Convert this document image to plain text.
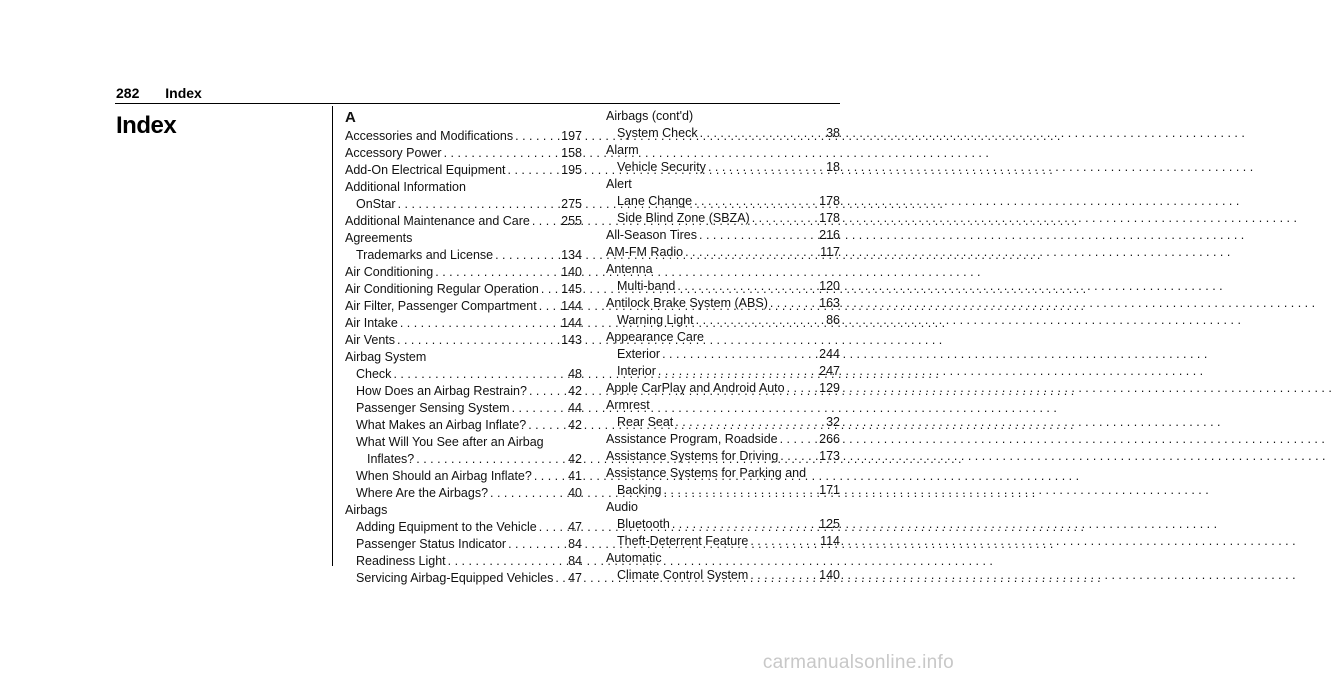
282 Index
Index	A
Accessories and Modifications . . .	197
Accessory Power . . .	158
Add-On Electrical Equipment . . .	195
Additional Information
OnStar . . .	275
Additional Maintenance and Care . . .	255
Agreements
Trademarks and License . . .	134
Air Conditioning . . .	140
Air Conditioning Regular Operation . . . 145
Air Filter, Passenger Compartment . . . 144
Air Intake . . .	144
Air Vents . . .	143
Airbag System
Check . . .	48
How Does an Airbag Restrain? . . .	42
Passenger Sensing System . . .	44
What Makes an Airbag Inflate? . . .	42
What Will You See after an Airbag
Inflates? . . .	42
When Should an Airbag Inflate? . . .	41
Where Are the Airbags? . . .	40
Airbags
Adding Equipment to the Vehicle . . .	47
Passenger Status Indicator . . .	84
Readiness Light . . .	84
Servicing Airbag-Equipped Vehicles . . . 47
Airbags (cont'd)
System Check . . .	38
Alarm
Vehicle Security . . .	18
Alert
Lane Change . . .	178
Side Blind Zone (SBZA) . . .	178
All-Season Tires . . .	216
AM-FM Radio . . .	117
Antenna
Multi-band . . .	120
Antilock Brake System (ABS) . . .	163
Warning Light . . .	86
Appearance Care
Exterior . . .	244
Interior . . .	247
Apple CarPlay and Android Auto . . .	129
Armrest
Rear Seat . . .	32
Assistance Program, Roadside . . .	266
Assistance Systems for Driving . . .	173
Assistance Systems for Parking and
Backing . . .	171
Audio
Bluetooth . . .	125
Theft-Deterrent Feature . . .	114
Automatic
Climate Control System . . .	140
carmanualsonline.info
